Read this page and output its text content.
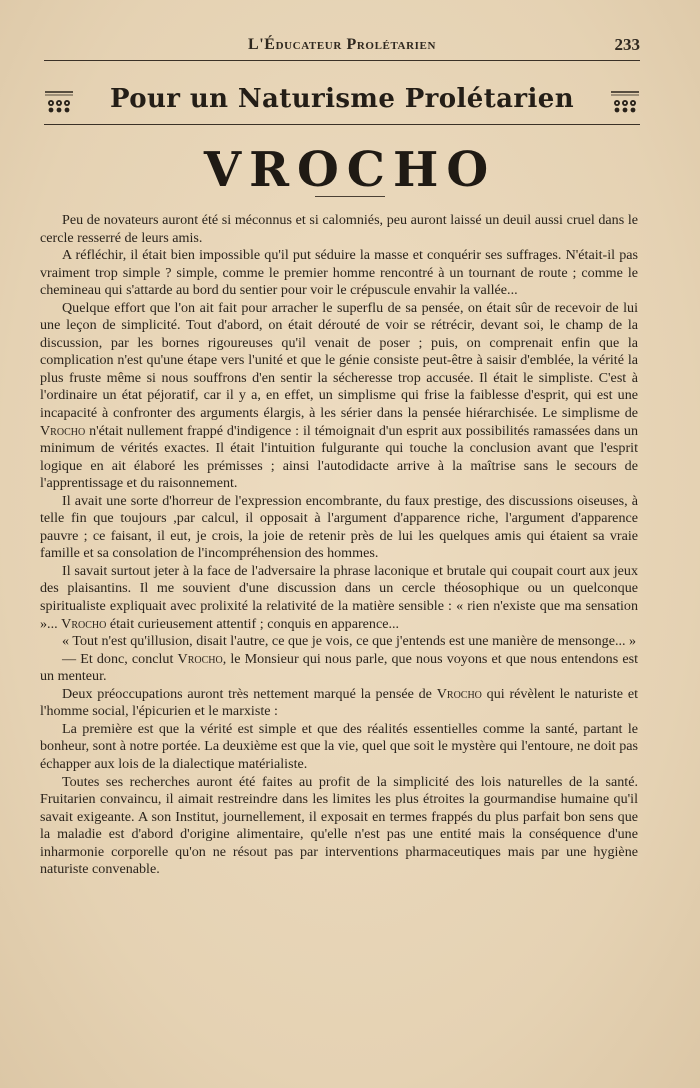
L'Éducateur Prolétarien	233
Pour un Naturisme Prolétarien
VROCHO

Peu de novateurs auront été si méconnus et si calomniés, peu auront laissé un deuil aussi cruel dans le cercle resserré de leurs amis.

A réfléchir, il était bien impossible qu'il put séduire la masse et conquérir ses suffrages. N'était-il pas vraiment trop simple ? simple, comme le premier homme rencontré à un tournant de route ; comme le chemineau qui s'attarde au bord du sentier pour voir le crépuscule envahir la vallée...

Quelque effort que l'on ait fait pour arracher le superflu de sa pensée, on était sûr de recevoir de lui une leçon de simplicité. Tout d'abord, on était dérouté de voir se rétrécir, devant soi, le champ de la discussion, par les bornes rigoureuses qu'il venait de poser ; puis, on comprenait enfin que la complication n'est qu'une étape vers l'unité et que le génie consiste peut-être à saisir d'emblée, la vérité la plus fruste même si nous souffrons d'en sentir la sécheresse trop accusée. Il était le simpliste. C'est à l'ordinaire un état péjoratif, car il y a, en effet, un simplisme qui frise la faiblesse d'esprit, qui est une incapacité à confronter des arguments élargis, à les sérier dans la pensée hiérarchisée. Le simplisme de Vrocho n'était nullement frappé d'indigence : il témoignait d'un esprit aux possibilités ramassées dans un minimum de vérités exactes. Il était l'intuition fulgurante qui touche la conclusion avant que l'esprit logique en ait élaboré les prémisses ; ainsi l'autodidacte arrive à la maîtrise sans le secours de l'apprentissage et du raisonnement.

Il avait une sorte d'horreur de l'expression encombrante, du faux prestige, des discussions oiseuses, à telle fin que toujours ,par calcul, il opposait à l'argument d'apparence riche, l'argument d'apparence pauvre ; ce faisant, il eut, je crois, la joie de retenir près de lui les quelques amis qui étaient sa vraie famille et sa consolation de l'incompréhension des hommes.

Il savait surtout jeter à la face de l'adversaire la phrase laconique et brutale qui coupait court aux jeux des plaisantins. Il me souvient d'une discussion dans un cercle théosophique ou un quelconque spiritualiste expliquait avec prolixité la relativité de la matière sensible : « rien n'existe que ma sensation »... Vrocho était curieusement attentif ; conquis en apparence...

« Tout n'est qu'illusion, disait l'autre, ce que je vois, ce que j'entends est une manière de mensonge... »

— Et donc, conclut Vrocho, le Monsieur qui nous parle, que nous voyons et que nous entendons est un menteur.

Deux préoccupations auront très nettement marqué la pensée de Vrocho qui révèlent le naturiste et l'homme social, l'épicurien et le marxiste :

La première est que la vérité est simple et que des réalités essentielles comme la santé, partant le bonheur, sont à notre portée. La deuxième est que la vie, quel que soit le mystère qui l'entoure, ne doit pas échapper aux lois de la dialectique matérialiste.

Toutes ses recherches auront été faites au profit de la simplicité des lois naturelles de la santé. Fruitarien convaincu, il aimait restreindre dans les limites les plus étroites la gourmandise humaine qu'il savait exigeante. A son Institut, journellement, il exposait en termes frappés du plus parfait bon sens que la maladie est d'abord d'origine alimentaire, qu'elle n'est pas une entité mais la conséquence d'une inharmonie corporelle qu'on ne résout pas par interventions pharmaceutiques mais par une hygiène naturiste convenable.
